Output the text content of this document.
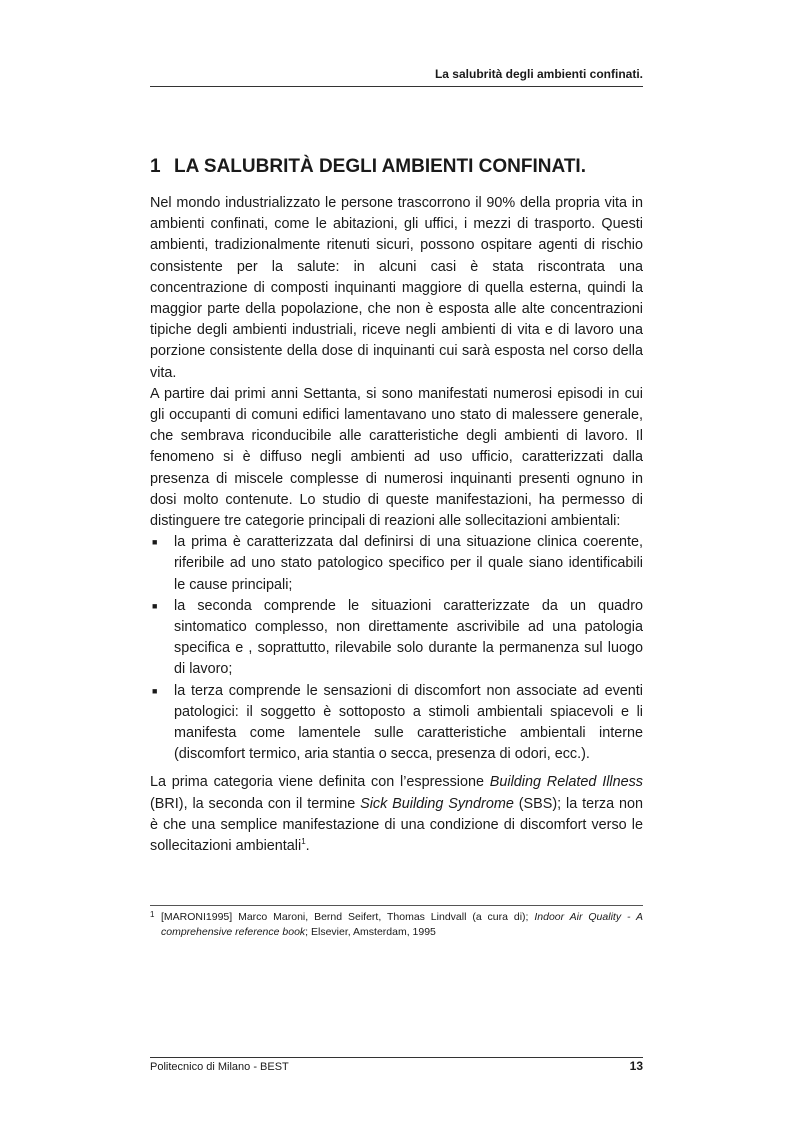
La salubrità degli ambienti confinati.
1 LA SALUBRITÀ DEGLI AMBIENTI CONFINATI.

Nel mondo industrializzato le persone trascorrono il 90% della propria vita in ambienti confinati, come le abitazioni, gli uffici, i mezzi di trasporto. Questi ambienti, tradizionalmente ritenuti sicuri, possono ospitare agenti di rischio consistente per la salute: in alcuni casi è stata riscontrata una concentrazione di composti inquinanti maggiore di quella esterna, quindi la maggior parte della popolazione, che non è esposta alle alte concentrazioni tipiche degli ambienti industriali, riceve negli ambienti di vita e di lavoro una porzione consistente della dose di inquinanti cui sarà esposta nel corso della vita.

A partire dai primi anni Settanta, si sono manifestati numerosi episodi in cui gli occupanti di comuni edifici lamentavano uno stato di malessere generale, che sembrava riconducibile alle caratteristiche degli ambienti di lavoro. Il fenomeno si è diffuso negli ambienti ad uso ufficio, caratterizzati dalla presenza di miscele complesse di numerosi inquinanti presenti ognuno in dosi molto contenute. Lo studio di queste manifestazioni, ha permesso di distinguere tre categorie principali di reazioni alle sollecitazioni ambientali:

■ la prima è caratterizzata dal definirsi di una situazione clinica coerente, riferibile ad uno stato patologico specifico per il quale siano identificabili le cause principali;
■ la seconda comprende le situazioni caratterizzate da un quadro sintomatico complesso, non direttamente ascrivibile ad una patologia specifica e , soprattutto, rilevabile solo durante la permanenza sul luogo di lavoro;
■ la terza comprende le sensazioni di discomfort non associate ad eventi patologici: il soggetto è sottoposto a stimoli ambientali spiacevoli e li manifesta come lamentele sulle caratteristiche ambientali interne (discomfort termico, aria stantia o secca, presenza di odori, ecc.).

La prima categoria viene definita con l’espressione Building Related Illness (BRI), la seconda con il termine Sick Building Syndrome (SBS); la terza non è che una semplice manifestazione di una condizione di discomfort verso le sollecitazioni ambientali$^1$.

1 [MARONI1995] Marco Maroni, Bernd Seifert, Thomas Lindvall (a cura di); Indoor Air Quality - A comprehensive reference book; Elsevier, Amsterdam, 1995
Politecnico di Milano - BEST	13
